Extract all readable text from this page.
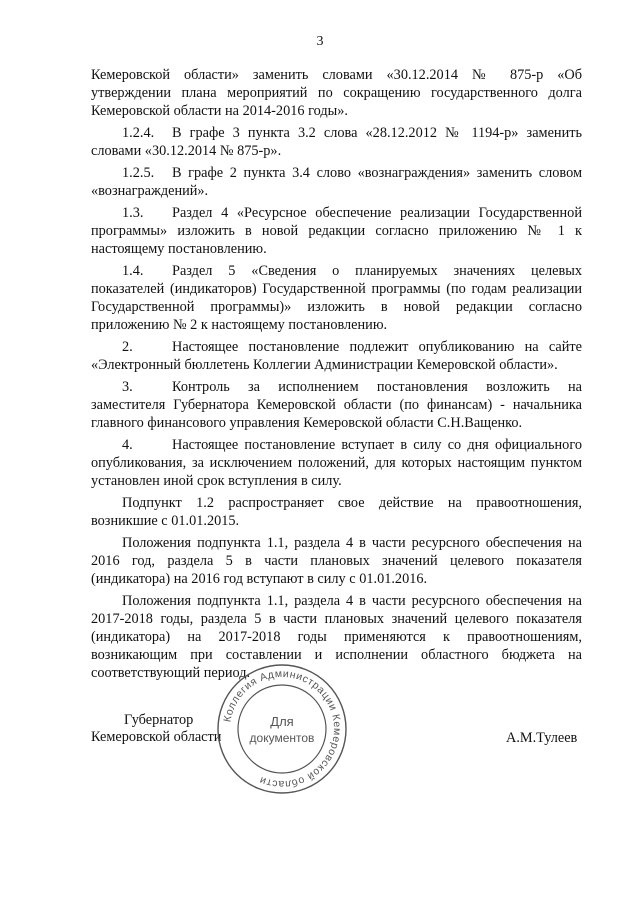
3

Кемеровской области» заменить словами «30.12.2014 № 875-р «Об утверждении плана мероприятий по сокращению государственного долга Кемеровской области на 2014-2016 годы».

1.2.4. В графе 3 пункта 3.2 слова «28.12.2012 № 1194-р» заменить словами «30.12.2014 № 875-р».

1.2.5. В графе 2 пункта 3.4 слово «вознаграждения» заменить словом «вознаграждений».

1.3. Раздел 4 «Ресурсное обеспечение реализации Государственной программы» изложить в новой редакции согласно приложению № 1 к настоящему постановлению.

1.4. Раздел 5 «Сведения о планируемых значениях целевых показателей (индикаторов) Государственной программы (по годам реализации Государственной программы)» изложить в новой редакции согласно приложению № 2 к настоящему постановлению.

2.	Настоящее постановление подлежит опубликованию на сайте «Электронный бюллетень Коллегии Администрации Кемеровской области».

3.	Контроль за исполнением постановления возложить на заместителя Губернатора Кемеровской области (по финансам) - начальника главного финансового управления Кемеровской области С.Н.Ващенко.

4.	Настоящее постановление вступает в силу со дня официального опубликования, за исключением положений, для которых настоящим пунктом установлен иной срок вступления в силу.

Подпункт 1.2 распространяет свое действие на правоотношения, возникшие с 01.01.2015.

Положения подпункта 1.1, раздела 4 в части ресурсного обеспечения на 2016 год, раздела 5 в части плановых значений целевого показателя (индикатора) на 2016 год вступают в силу с 01.01.2016.

Положения подпункта 1.1, раздела 4 в части ресурсного обеспечения на 2017-2018 годы, раздела 5 в части плановых значений целевого показателя (индикатора) на 2017-2018 годы применяются к правоотношениям, возникающим при составлении и исполнении областного бюджета на соответствующий период.

Губернатор
Кемеровской области	А.М.Тулеев
Коллегия Администрации Кемеровской области
Для
документов
